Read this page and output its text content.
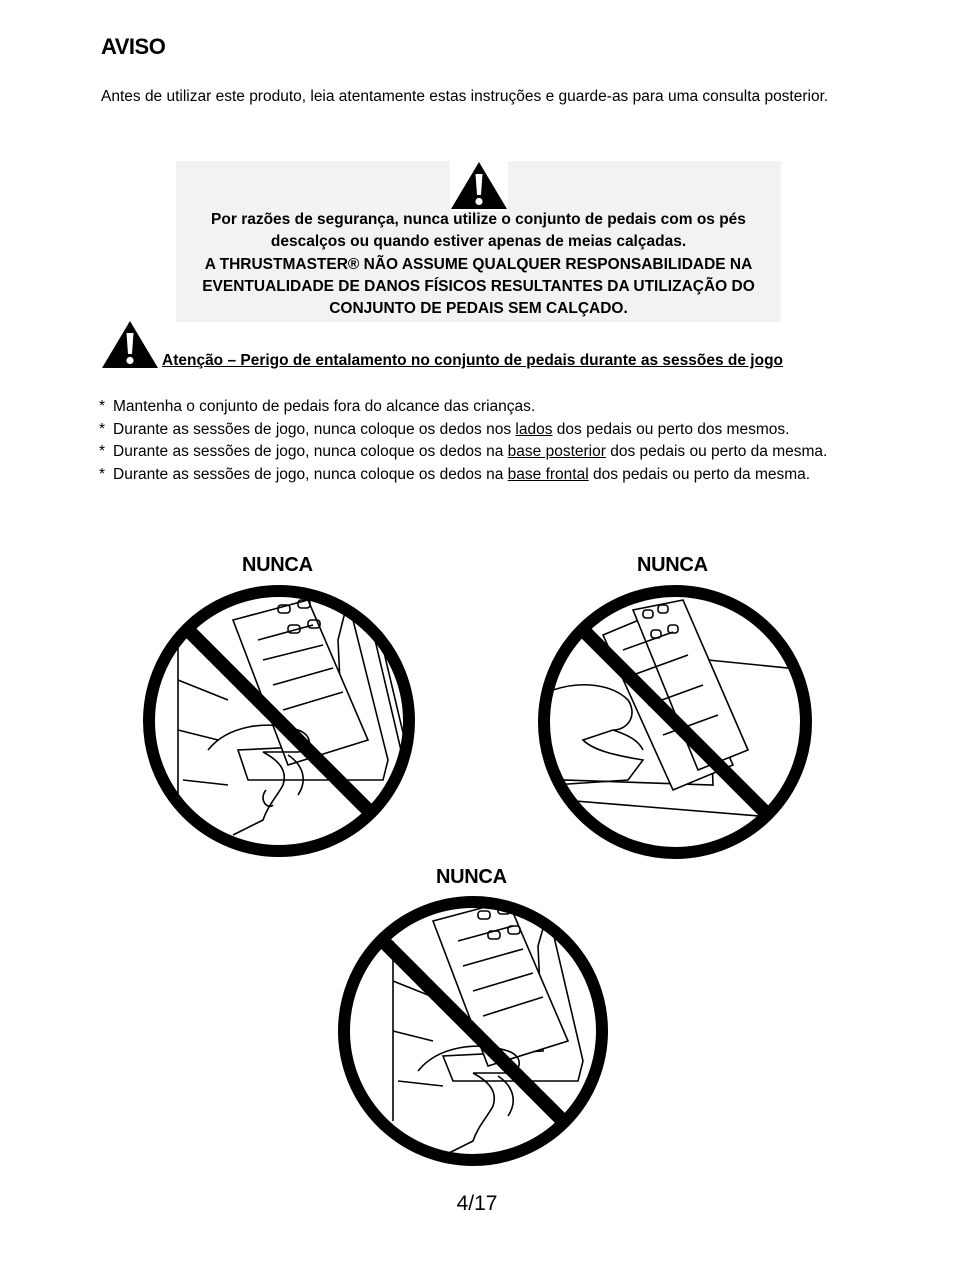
AVISO
Antes de utilizar este produto, leia atentamente estas instruções e guarde-as para uma consulta posterior.
Por razões de segurança, nunca utilize o conjunto de pedais com os pés
descalços ou quando estiver apenas de meias calçadas.
A THRUSTMASTER® NÃO ASSUME QUALQUER RESPONSABILIDADE NA
EVENTUALIDADE DE DANOS FÍSICOS RESULTANTES DA UTILIZAÇÃO DO
CONJUNTO DE PEDAIS SEM CALÇADO.
Atenção – Perigo de entalamento no conjunto de pedais durante as sessões de jogo
* Mantenha o conjunto de pedais fora do alcance das crianças.
* Durante as sessões de jogo, nunca coloque os dedos nos lados dos pedais ou perto dos mesmos.
* Durante as sessões de jogo, nunca coloque os dedos na base posterior dos pedais ou perto da mesma.
* Durante as sessões de jogo, nunca coloque os dedos na base frontal dos pedais ou perto da mesma.
NUNCA	NUNCA
NUNCA
4/17
